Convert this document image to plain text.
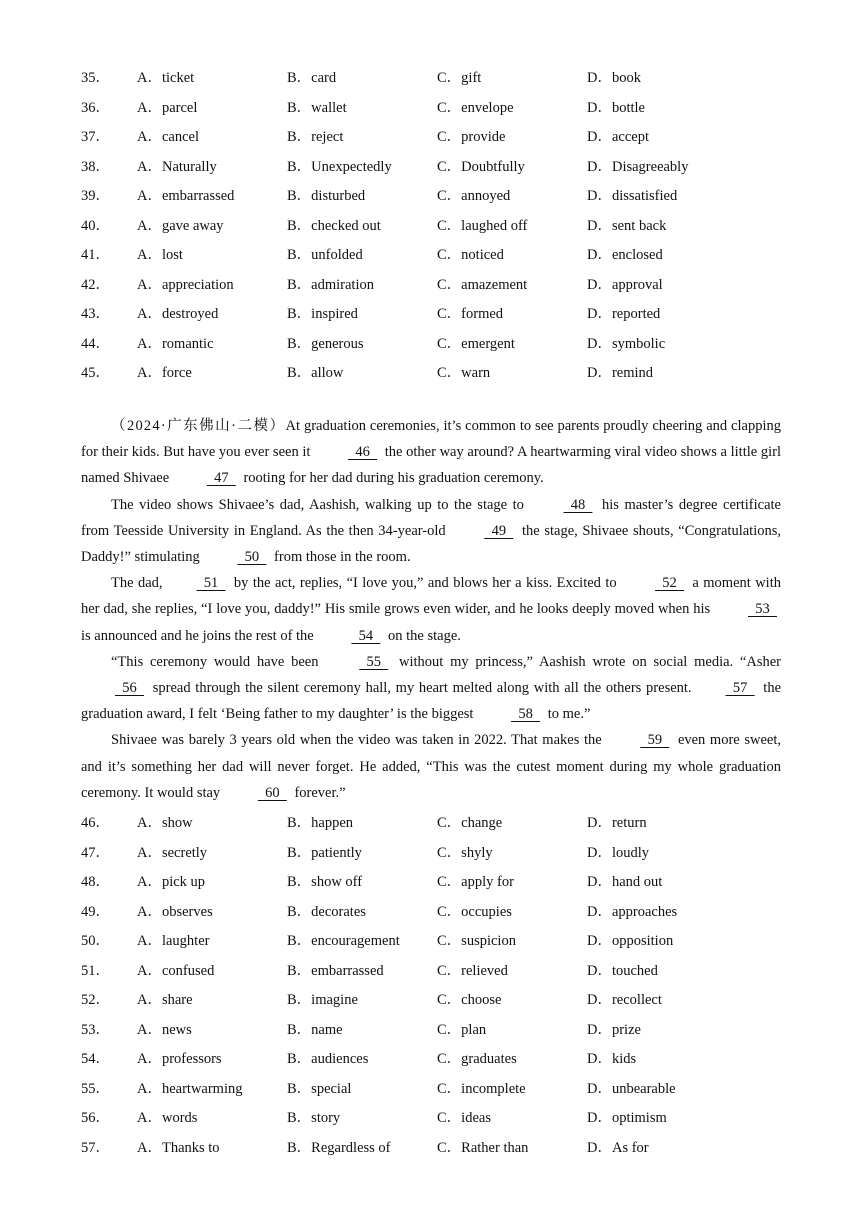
35．	A．ticket	B．card	C．gift	D．book
36．	A．parcel	B．wallet	C．envelope	D．bottle
37．	A．cancel	B．reject	C．provide	D．accept
38．	A．Naturally	B．Unexpectedly	C．Doubtfully	D．Disagreeably
39．	A．embarrassed	B．disturbed	C．annoyed	D．dissatisfied
40．	A．gave away	B．checked out	C．laughed off	D．sent back
41．	A．lost	B．unfolded	C．noticed	D．enclosed
42．	A．appreciation	B．admiration	C．amazement	D．approval
43．	A．destroyed	B．inspired	C．formed	D．reported
44．	A．romantic	B．generous	C．emergent	D．symbolic
45．	A．force	B．allow	C．warn	D．remind

（2024·广东佛山·二模）At graduation ceremonies, it’s common to see parents proudly cheering and clapping for their kids. But have you ever seen it   46   the other way around? A heartwarming viral video shows a little girl named Shivaee   47   rooting for her dad during his graduation ceremony.

The video shows Shivaee’s dad, Aashish, walking up to the stage to   48   his master’s degree certificate from Teesside University in England. As the then 34-year-old   49   the stage, Shivaee shouts, “Congratulations, Daddy!” stimulating   50   from those in the room.

The dad,  51   by the act, replies, “I love you,” and blows her a kiss. Excited to   52   a moment with her dad, she replies, “I love you, daddy!” His smile grows even wider, and he looks deeply moved when his   53   is announced and he joins the rest of the   54   on the stage.

“This ceremony would have been   55   without my princess,” Aashish wrote on social media. “Asher   56   spread through the silent ceremony hall, my heart melted along with all the others present.  57   the graduation award, I felt ‘Being father to my daughter’ is the biggest   58   to me.”

Shivaee was barely 3 years old when the video was taken in 2022. That makes the   59   even more sweet, and it’s something her dad will never forget. He added, “This was the cutest moment during my whole graduation ceremony. It would stay   60   forever.”

46．	A．show	B．happen	C．change	D．return
47．	A．secretly	B．patiently	C．shyly	D．loudly
48．	A．pick up	B．show off	C．apply for	D．hand out
49．	A．observes	B．decorates	C．occupies	D．approaches
50．	A．laughter	B．encouragement	C．suspicion	D．opposition
51．	A．confused	B．embarrassed	C．relieved	D．touched
52．	A．share	B．imagine	C．choose	D．recollect
53．	A．news	B．name	C．plan	D．prize
54．	A．professors	B．audiences	C．graduates	D．kids
55．	A．heartwarming	B．special	C．incomplete	D．unbearable
56．	A．words	B．story	C．ideas	D．optimism
57．	A．Thanks to	B．Regardless of	C．Rather than	D．As for
